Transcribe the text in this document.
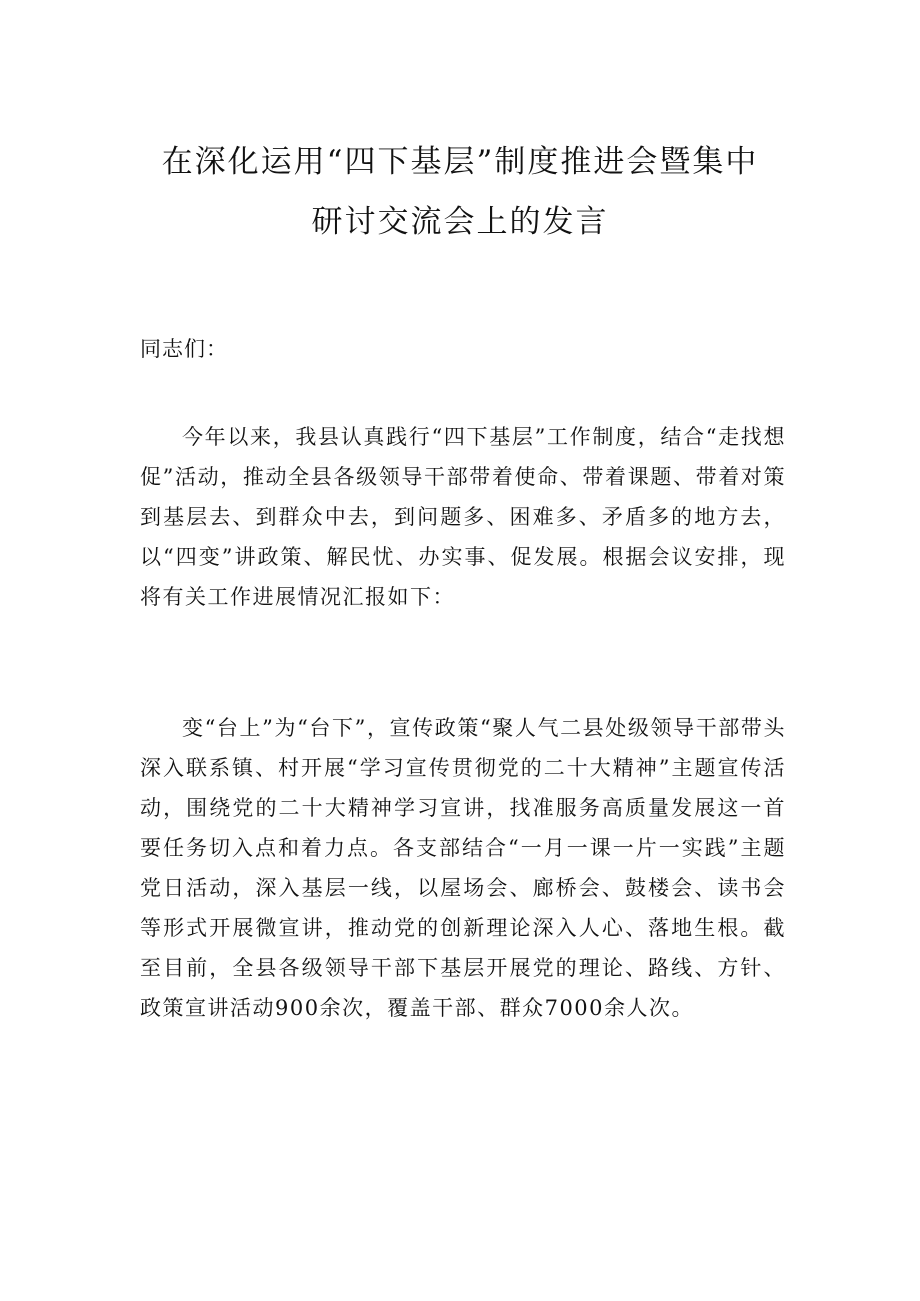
在深化运用“四下基层”制度推进会暨集中
研讨交流会上的发言

同志们：

今年以来，我县认真践行“四下基层”工作制度，结合“走找想促”活动，推动全县各级领导干部带着使命、带着课题、带着对策到基层去、到群众中去，到问题多、困难多、矛盾多的地方去，以“四变”讲政策、解民忧、办实事、促发展。根据会议安排，现将有关工作进展情况汇报如下：

变“台上”为“台下”，宣传政策“聚人气二县处级领导干部带头深入联系镇、村开展“学习宣传贯彻党的二十大精神”主题宣传活动，围绕党的二十大精神学习宣讲，找准服务高质量发展这一首要任务切入点和着力点。各支部结合“一月一课一片一实践”主题党日活动，深入基层一线，以屋场会、廊桥会、鼓楼会、读书会等形式开展微宣讲，推动党的创新理论深入人心、落地生根。截至目前，全县各级领导干部下基层开展党的理论、路线、方针、政策宣讲活动900余次，覆盖干部、群众7000余人次。
